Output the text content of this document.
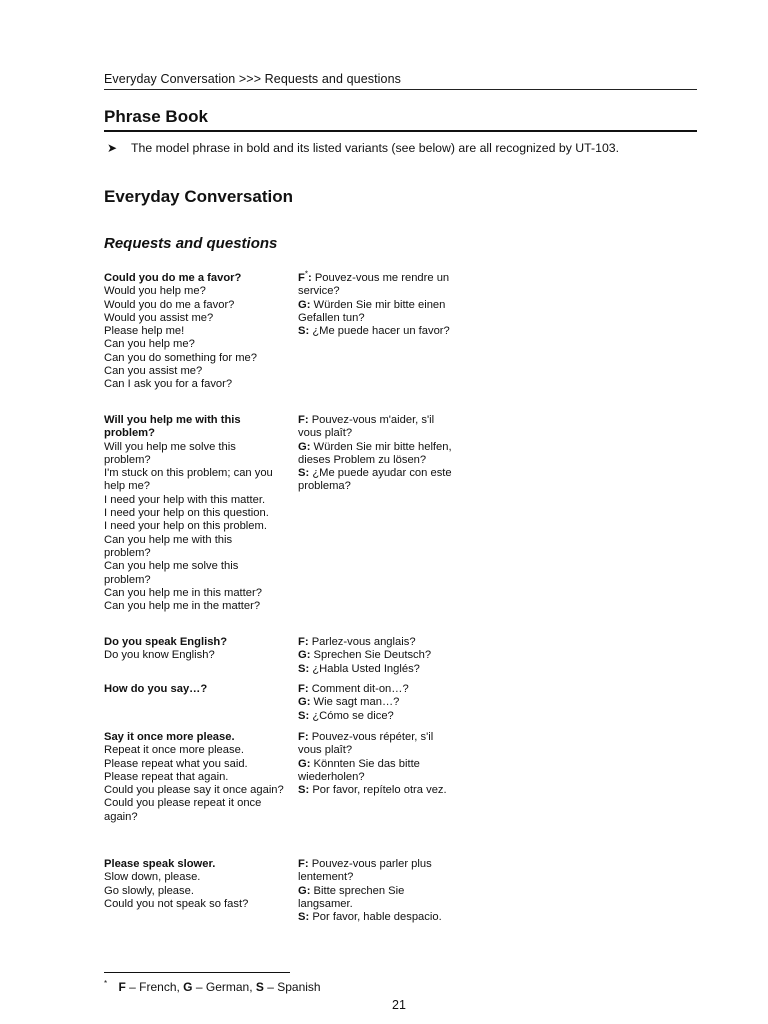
Everyday Conversation >>> Requests and questions
Phrase Book
➤	The model phrase in bold and its listed variants (see below) are all recognized by UT-103.
Everyday Conversation
Requests and questions
Could you do me a favor?
Would you help me?
Would you do me a favor?
Would you assist me?
Please help me!
Can you help me?
Can you do something for me?
Can you assist me?
Can I ask you for a favor?
F*: Pouvez-vous me rendre un
service?
G: Würden Sie mir bitte einen
Gefallen tun?
S: ¿Me puede hacer un favor?
Will you help me with this problem?
Will you help me solve this problem?
I'm stuck on this problem; can you help me?
I need your help with this matter.
I need your help on this question.
I need your help on this problem.
Can you help me with this problem?
Can you help me solve this problem?
Can you help me in this matter?
Can you help me in the matter?
F: Pouvez-vous m'aider, s'il
vous plaît?
G: Würden Sie mir bitte helfen,
dieses Problem zu lösen?
S: ¿Me puede ayudar con este
problema?
Do you speak English?
Do you know English?
F: Parlez-vous anglais?
G: Sprechen Sie Deutsch?
S: ¿Habla Usted Inglés?
How do you say…?	F: Comment dit-on…?
G: Wie sagt man…?
S: ¿Cómo se dice?
Say it once more please.
Repeat it once more please.
Please repeat what you said.
Please repeat that again.
Could you please say it once again?
Could you please repeat it once again?
F: Pouvez-vous répéter, s'il
vous plaît?
G: Könnten Sie das bitte
wiederholen?
S: Por favor, repítelo otra vez.
Please speak slower.
Slow down, please.
Go slowly, please.
Could you not speak so fast?
F: Pouvez-vous parler plus
lentement?
G: Bitte sprechen Sie
langsamer.
S: Por favor, hable despacio.
* F – French, G – German, S – Spanish
21
